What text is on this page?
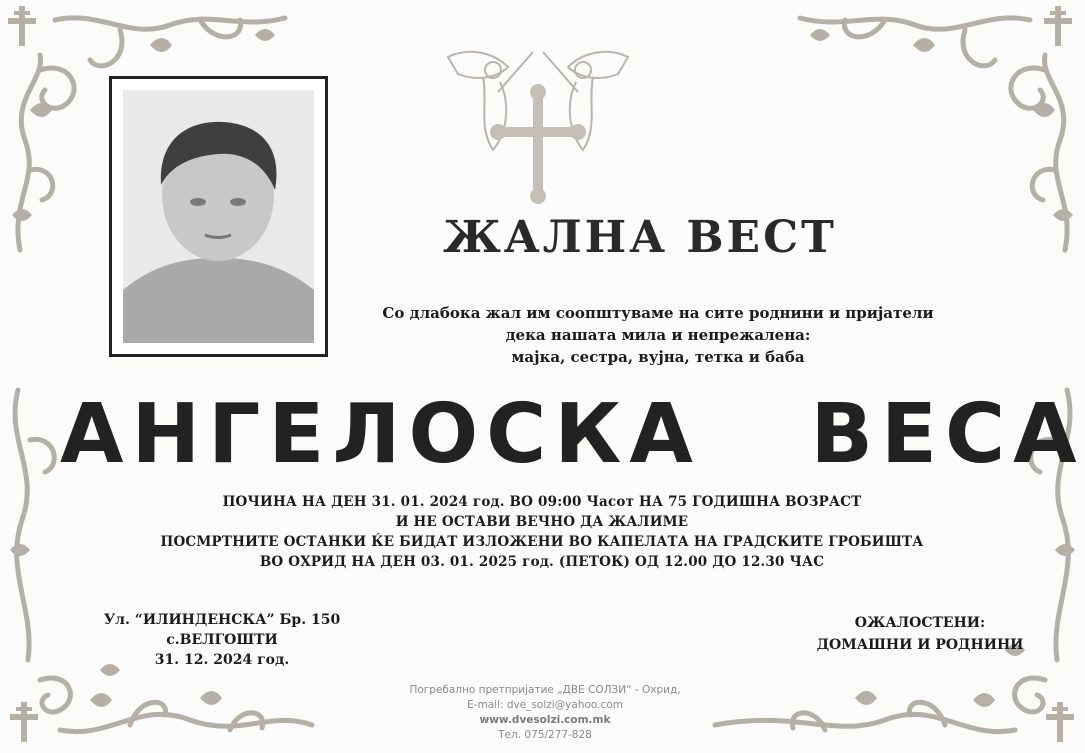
ЖАЛНА ВЕСТ
Со длабока жал им соопштуваме на сите роднини и пријатели
дека нашата мила и непрежалена:
мајка, сестра, вујна, тетка и баба
АНГЕЛОСКА   ВЕСА
ПОЧИНА НА ДЕН 31. 01. 2024 год. ВО 09:00 Часот НА 75 ГОДИШНА ВОЗРАСТ
И НЕ ОСТАВИ ВЕЧНО ДА ЖАЛИМЕ
ПОСМРТНИТЕ ОСТАНКИ ЌЕ БИДАТ ИЗЛОЖЕНИ ВО КАПЕЛАТА НА ГРАДСКИТЕ ГРОБИШТА
ВО ОХРИД НА ДЕН 03. 01. 2025 год. (ПЕТОК) ОД 12.00 ДО 12.30 ЧАС
Ул. “ИЛИНДЕНСКА” Бр. 150
с.ВЕЛГОШТИ
31. 12. 2024 год.
ОЖАЛОСТЕНИ:
ДОМАШНИ И РОДНИНИ
Погребално претпријатие „ДВЕ СОЛЗИ“ - Охрид,
E-mail: dve_solzi@yahoo.com
www.dvesolzi.com.mk
Тел. 075/277-828
